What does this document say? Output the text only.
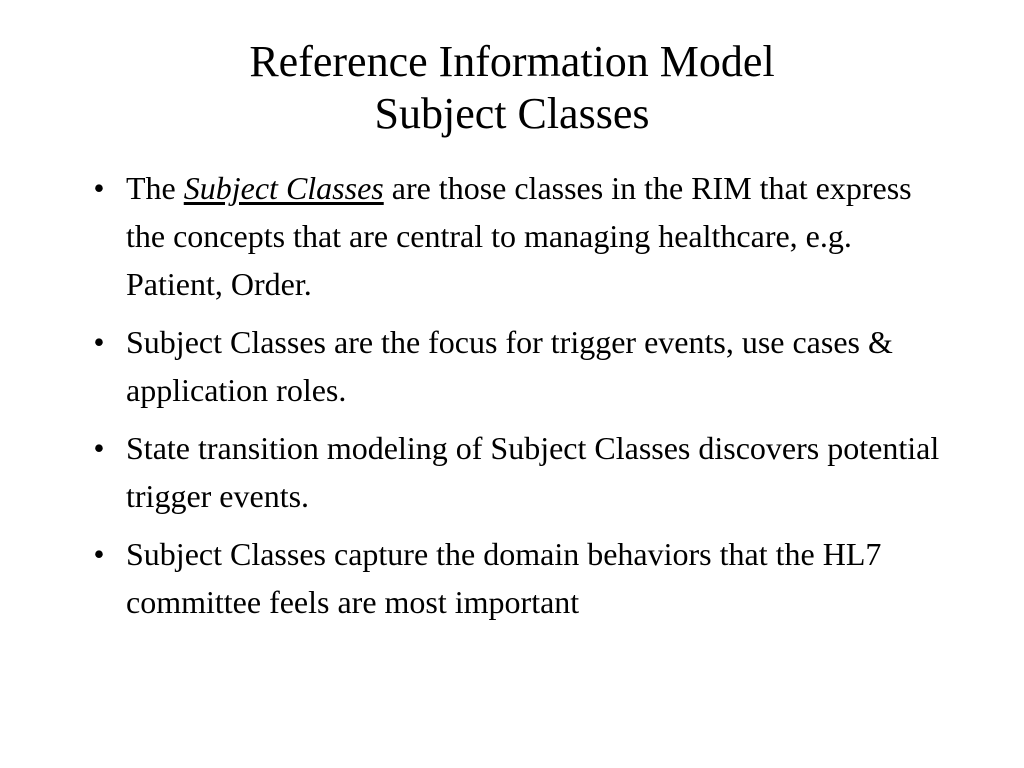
Reference Information Model
Subject Classes
• The Subject Classes are those classes in the RIM that express the concepts that are central to managing healthcare, e.g. Patient, Order.
• Subject Classes are the focus for trigger events, use cases & application roles.
• State transition modeling of Subject Classes discovers potential trigger events.
• Subject Classes capture the domain behaviors that the HL7 committee feels are most important
